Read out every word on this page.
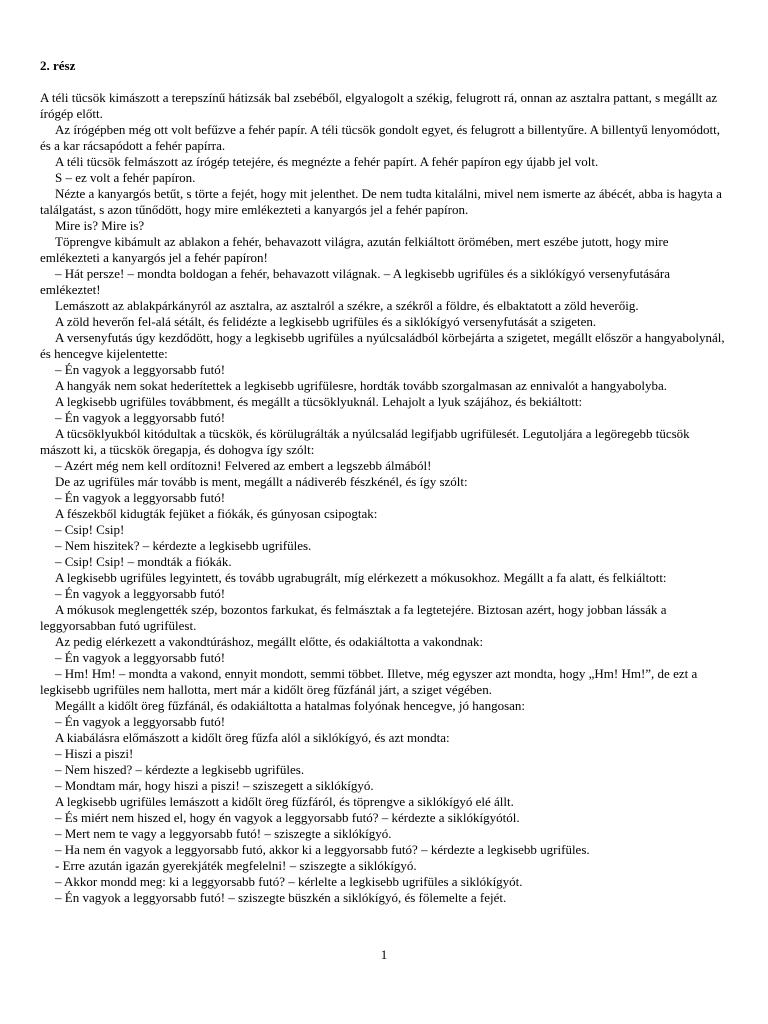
2. rész

A téli tücsök kimászott a terepszínű hátizsák bal zsebéből, elgyalogolt a székig, felugrott rá, onnan az asztalra pattant, s megállt az írógép előtt.

Az írógépben még ott volt befűzve a fehér papír. A téli tücsök gondolt egyet, és felugrott a billentyűre. A billentyű lenyomódott, és a kar rácsapódott a fehér papírra.

A téli tücsök felmászott az írógép tetejére, és megnézte a fehér papírt. A fehér papíron egy újabb jel volt.

S – ez volt a fehér papíron.

Nézte a kanyargós betűt, s törte a fejét, hogy mit jelenthet. De nem tudta kitalálni, mivel nem ismerte az ábécét, abba is hagyta a találgatást, s azon tűnődött, hogy mire emlékezteti a kanyargós jel a fehér papíron.

Mire is? Mire is?

Töprengve kibámult az ablakon a fehér, behavazott világra, azután felkiáltott örömében, mert eszébe jutott, hogy mire emlékezteti a kanyargós jel a fehér papíron!

– Hát persze! – mondta boldogan a fehér, behavazott világnak. – A legkisebb ugrifüles és a siklókígyó versenyfutására emlékeztet!

Lemászott az ablakpárkányról az asztalra, az asztalról a székre, a székről a földre, és elbaktatott a zöld heverőig.

A zöld heverőn fel-alá sétált, és felidézte a legkisebb ugrifüles és a siklókígyó versenyfutását a szigeten.

A versenyfutás úgy kezdődött, hogy a legkisebb ugrifüles a nyúlcsaládból körbejárta a szigetet, megállt először a hangyabolynál, és hencegve kijelentette:

– Én vagyok a leggyorsabb futó!

A hangyák nem sokat hederítettek a legkisebb ugrifülesre, hordták tovább szorgalmasan az ennivalót a hangyabolyba.

A legkisebb ugrifüles továbbment, és megállt a tücsöklyuknál. Lehajolt a lyuk szájához, és bekiáltott:

– Én vagyok a leggyorsabb futó!

A tücsöklyukból kitódultak a tücskök, és körülugrálták a nyúlcsalád legifjabb ugrifülesét. Legutoljára a legöregebb tücsök mászott ki, a tücskök öregapja, és dohogva így szólt:

– Azért még nem kell ordítozni! Felvered az embert a legszebb álmából!

De az ugrifüles már tovább is ment, megállt a nádiveréb fészkénél, és így szólt:

– Én vagyok a leggyorsabb futó!

A fészekből kidugták fejüket a fiókák, és gúnyosan csipogtak:

– Csip! Csip!

– Nem hiszitek? – kérdezte a legkisebb ugrifüles.

– Csip! Csip! – mondták a fiókák.

A legkisebb ugrifüles legyintett, és tovább ugrabugrált, míg elérkezett a mókusokhoz. Megállt a fa alatt, és felkiáltott:

– Én vagyok a leggyorsabb futó!

A mókusok meglengették szép, bozontos farkukat, és felmásztak a fa legtetejére. Biztosan azért, hogy jobban lássák a leggyorsabban futó ugrifülest.

Az pedig elérkezett a vakondtúráshoz, megállt előtte, és odakiáltotta a vakondnak:

– Én vagyok a leggyorsabb futó!

– Hm! Hm! – mondta a vakond, ennyit mondott, semmi többet. Illetve, még egyszer azt mondta, hogy „Hm! Hm!”, de ezt a legkisebb ugrifüles nem hallotta, mert már a kidőlt öreg fűzfánál járt, a sziget végében.

Megállt a kidőlt öreg fűzfánál, és odakiáltotta a hatalmas folyónak hencegve, jó hangosan:

– Én vagyok a leggyorsabb futó!

A kiabálásra előmászott a kidőlt öreg fűzfa alól a siklókígyó, és azt mondta:

– Hiszi a piszi!

– Nem hiszed? – kérdezte a legkisebb ugrifüles.

– Mondtam már, hogy hiszi a piszi! – sziszegett a siklókígyó.

A legkisebb ugrifüles lemászott a kidőlt öreg fűzfáról, és töprengve a siklókígyó elé állt.

– És miért nem hiszed el, hogy én vagyok a leggyorsabb futó? – kérdezte a siklókígyótól.

– Mert nem te vagy a leggyorsabb futó! – sziszegte a siklókígyó.

– Ha nem én vagyok a leggyorsabb futó, akkor ki a leggyorsabb futó? – kérdezte a legkisebb ugrifüles.

- Erre azután igazán gyerekjáték megfelelni! – sziszegte a siklókígyó.

– Akkor mondd meg: ki a leggyorsabb futó? – kérlelte a legkisebb ugrifüles a siklókígyót.

– Én vagyok a leggyorsabb futó! – sziszegte büszkén a siklókígyó, és fölemelte a fejét.

1
